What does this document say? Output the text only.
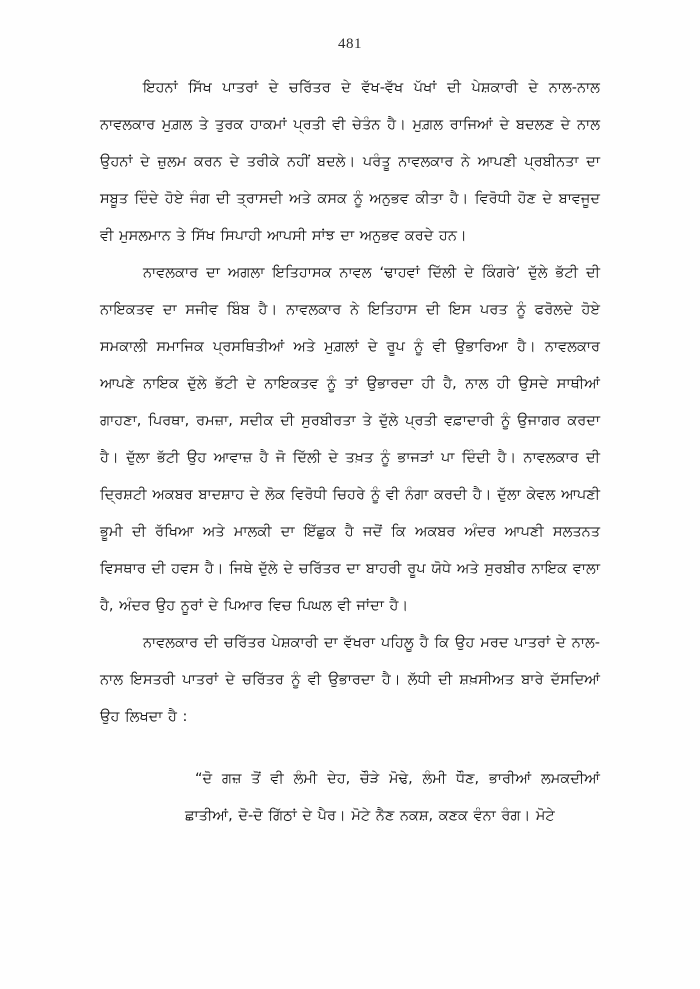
481

ਇਹਨਾਂ ਸਿੱਖ ਪਾਤਰਾਂ ਦੇ ਚਰਿੱਤਰ ਦੇ ਵੱਖ-ਵੱਖ ਪੱਖਾਂ ਦੀ ਪੇਸ਼ਕਾਰੀ ਦੇ ਨਾਲ-ਨਾਲ ਨਾਵਲਕਾਰ ਮੁਗ਼ਲ ਤੇ ਤੁਰਕ ਹਾਕਮਾਂ ਪ੍ਰਤੀ ਵੀ ਚੇਤੰਨ ਹੈ। ਮੁਗ਼ਲ ਰਾਜਿਆਂ ਦੇ ਬਦਲਣ ਦੇ ਨਾਲ ਉਹਨਾਂ ਦੇ ਜ਼ੁਲਮ ਕਰਨ ਦੇ ਤਰੀਕੇ ਨਹੀਂ ਬਦਲੇ। ਪਰੰਤੂ ਨਾਵਲਕਾਰ ਨੇ ਆਪਣੀ ਪ੍ਰਬੀਨਤਾ ਦਾ ਸਬੂਤ ਦਿੰਦੇ ਹੋਏ ਜੰਗ ਦੀ ਤ੍ਰਾਸਦੀ ਅਤੇ ਕਸਕ ਨੂੰ ਅਨੁਭਵ ਕੀਤਾ ਹੈ। ਵਿਰੋਧੀ ਹੋਣ ਦੇ ਬਾਵਜੂਦ ਵੀ ਮੁਸਲਮਾਨ ਤੇ ਸਿੱਖ ਸਿਪਾਹੀ ਆਪਸੀ ਸਾਂਝ ਦਾ ਅਨੁਭਵ ਕਰਦੇ ਹਨ।

ਨਾਵਲਕਾਰ ਦਾ ਅਗਲਾ ਇਤਿਹਾਸਕ ਨਾਵਲ ‘ਢਾਹਵਾਂ ਦਿੱਲੀ ਦੇ ਕਿੰਗਰੇ’ ਦੁੱਲੇ ਭੱਟੀ ਦੀ ਨਾਇਕਤਵ ਦਾ ਸਜੀਵ ਬਿੰਬ ਹੈ। ਨਾਵਲਕਾਰ ਨੇ ਇਤਿਹਾਸ ਦੀ ਇਸ ਪਰਤ ਨੂੰ ਫਰੋਲਦੇ ਹੋਏ ਸਮਕਾਲੀ ਸਮਾਜਿਕ ਪ੍ਰਸਥਿਤੀਆਂ ਅਤੇ ਮੁਗ਼ਲਾਂ ਦੇ ਰੂਪ ਨੂੰ ਵੀ ਉਭਾਰਿਆ ਹੈ। ਨਾਵਲਕਾਰ ਆਪਣੇ ਨਾਇਕ ਦੁੱਲੇ ਭੱਟੀ ਦੇ ਨਾਇਕਤਵ ਨੂੰ ਤਾਂ ਉਭਾਰਦਾ ਹੀ ਹੈ, ਨਾਲ ਹੀ ਉਸਦੇ ਸਾਥੀਆਂ ਗਾਹਣਾ, ਪਿਰਥਾ, ਰਮਜ਼ਾ, ਸਦੀਕ ਦੀ ਸੁਰਬੀਰਤਾ ਤੇ ਦੁੱਲੇ ਪ੍ਰਤੀ ਵਫ਼ਾਦਾਰੀ ਨੂੰ ਉਜਾਗਰ ਕਰਦਾ ਹੈ। ਦੁੱਲਾ ਭੱਟੀ ਉਹ ਆਵਾਜ਼ ਹੈ ਜੋ ਦਿੱਲੀ ਦੇ ਤਖ਼ਤ ਨੂੰ ਭਾਜੜਾਂ ਪਾ ਦਿੰਦੀ ਹੈ। ਨਾਵਲਕਾਰ ਦੀ ਦ੍ਰਿਸ਼ਟੀ ਅਕਬਰ ਬਾਦਸ਼ਾਹ ਦੇ ਲੋਕ ਵਿਰੋਧੀ ਚਿਹਰੇ ਨੂੰ ਵੀ ਨੰਗਾ ਕਰਦੀ ਹੈ। ਦੁੱਲਾ ਕੇਵਲ ਆਪਣੀ ਭੂਮੀ ਦੀ ਰੱਖਿਆ ਅਤੇ ਮਾਲਕੀ ਦਾ ਇੱਛੁਕ ਹੈ ਜਦੋਂ ਕਿ ਅਕਬਰ ਅੰਦਰ ਆਪਣੀ ਸਲਤਨਤ ਵਿਸਥਾਰ ਦੀ ਹਵਸ ਹੈ। ਜਿਥੇ ਦੁੱਲੇ ਦੇ ਚਰਿੱਤਰ ਦਾ ਬਾਹਰੀ ਰੂਪ ਯੋਧੇ ਅਤੇ ਸੁਰਬੀਰ ਨਾਇਕ ਵਾਲਾ ਹੈ, ਅੰਦਰ ਉਹ ਨੂਰਾਂ ਦੇ ਪਿਆਰ ਵਿਚ ਪਿਘਲ ਵੀ ਜਾਂਦਾ ਹੈ।

ਨਾਵਲਕਾਰ ਦੀ ਚਰਿੱਤਰ ਪੇਸ਼ਕਾਰੀ ਦਾ ਵੱਖਰਾ ਪਹਿਲੂ ਹੈ ਕਿ ਉਹ ਮਰਦ ਪਾਤਰਾਂ ਦੇ ਨਾਲ-ਨਾਲ ਇਸਤਰੀ ਪਾਤਰਾਂ ਦੇ ਚਰਿੱਤਰ ਨੂੰ ਵੀ ਉਭਾਰਦਾ ਹੈ। ਲੱਧੀ ਦੀ ਸ਼ਖ਼ਸੀਅਤ ਬਾਰੇ ਦੱਸਦਿਆਂ ਉਹ ਲਿਖਦਾ ਹੈ :

“ਦੋ ਗਜ਼ ਤੋਂ ਵੀ ਲੰਮੀ ਦੇਹ, ਚੌੜੇ ਮੋਢੇ, ਲੰਮੀ ਧੌਣ, ਭਾਰੀਆਂ ਲਮਕਦੀਆਂ ਛਾਤੀਆਂ, ਦੋ-ਦੋ ਗਿੱਠਾਂ ਦੇ ਪੈਰ। ਮੋਟੇ ਨੈਣ ਨਕਸ਼, ਕਣਕ ਵੰਨਾ ਰੰਗ। ਮੋਟੇ
